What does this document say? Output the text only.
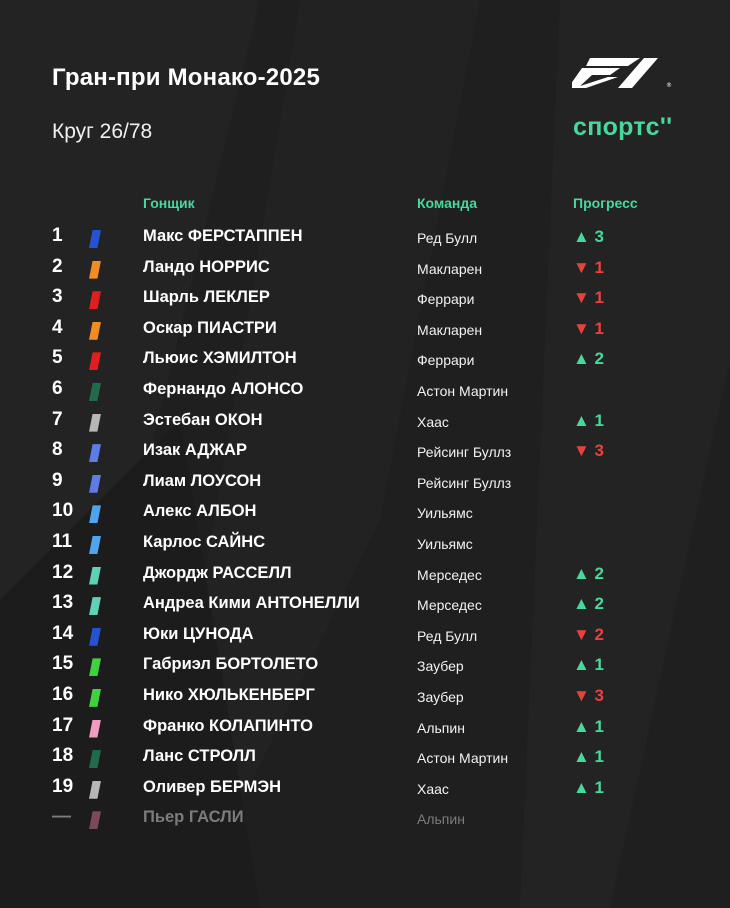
Гран-при Монако-2025
Круг 26/78
®
спортс''
Гонщик	Команда	Прогресс
1	Макс ФЕРСТАППЕН	Ред Булл	▲ 3
2	Ландо НОРРИС	Макларен	▼ 1
3	Шарль ЛЕКЛЕР	Феррари	▼ 1
4	Оскар ПИАСТРИ	Макларен	▼ 1
5	Льюис ХЭМИЛТОН	Феррари	▲ 2
6	Фернандо АЛОНСО	Астон Мартин
7	Эстебан ОКОН	Хаас	▲ 1
8	Изак АДЖАР	Рейсинг Буллз	▼ 3
9	Лиам ЛОУСОН	Рейсинг Буллз
10	Алекс АЛБОН	Уильямс
11	Карлос САЙНС	Уильямс
12	Джордж РАССЕЛЛ	Мерседес	▲ 2
13	Андреа Кими АНТОНЕЛЛИ	Мерседес	▲ 2
14	Юки ЦУНОДА	Ред Булл	▼ 2
15	Габриэл БОРТОЛЕТО	Заубер	▲ 1
16	Нико ХЮЛЬКЕНБЕРГ	Заубер	▼ 3
17	Франко КОЛАПИНТО	Альпин	▲ 1
18	Ланс СТРОЛЛ	Астон Мартин	▲ 1
19	Оливер БЕРМЭН	Хаас	▲ 1
—	Пьер ГАСЛИ	Альпин
